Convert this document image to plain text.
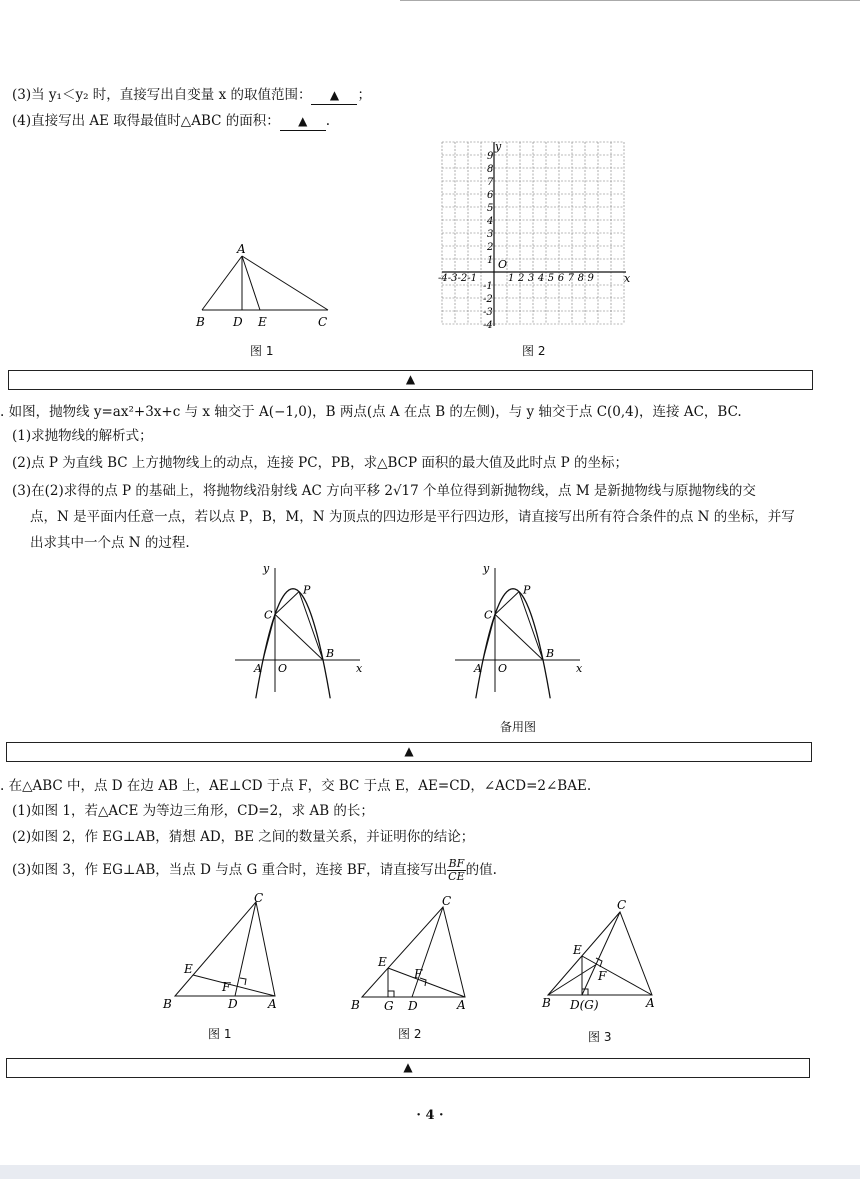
(3)当 y₁＜y₂ 时，直接写出自变量 x 的取值范围： ▲ ；
(4)直接写出 AE 取得最值时△ABC 的面积： ▲ .
A
B D E	C
图 1
y
x
O
-4-3-2-1	1 2 3 4 5 6 7 8 9
9
8
7
6
5
4
3
2
1
-1
-2
-3
-4
图 2
▲
. 如图，抛物线 y=ax²+3x+c 与 x 轴交于 A(−1,0)，B 两点(点 A 在点 B 的左侧)，与 y 轴交于点 C(0,4)，连接 AC，BC.
(1)求抛物线的解析式；
(2)点 P 为直线 BC 上方抛物线上的动点，连接 PC，PB，求△BCP 面积的最大值及此时点 P 的坐标；
(3)在(2)求得的点 P 的基础上，将抛物线沿射线 AC 方向平移 2√17 个单位得到新抛物线，点 M 是新抛物线与原抛物线的交
点，N 是平面内任意一点，若以点 P，B，M，N 为顶点的四边形是平行四边形，请直接写出所有符合条件的点 N 的坐标，并写
出求其中一个点 N 的过程.
y
C
P
A O
B
x
y
C
P
A O
B
x
备用图
▲
. 在△ABC 中，点 D 在边 AB 上，AE⊥CD 于点 F，交 BC 于点 E，AE=CD，∠ACD=2∠BAE.
(1)如图 1，若△ACE 为等边三角形，CD=2，求 AB 的长；
(2)如图 2，作 EG⊥AB，猜想 AD，BE 之间的数量关系，并证明你的结论；
(3)如图 3，作 EG⊥AB，当点 D 与点 G 重合时，连接 BF，请直接写出 $\frac{BF}{CE}$ 的值.
C
E
F
B	D	A
图 1
C
E
F
B G D	A
图 2
C
E
F
B D(G)	A
图 3
▲
· 4 ·
